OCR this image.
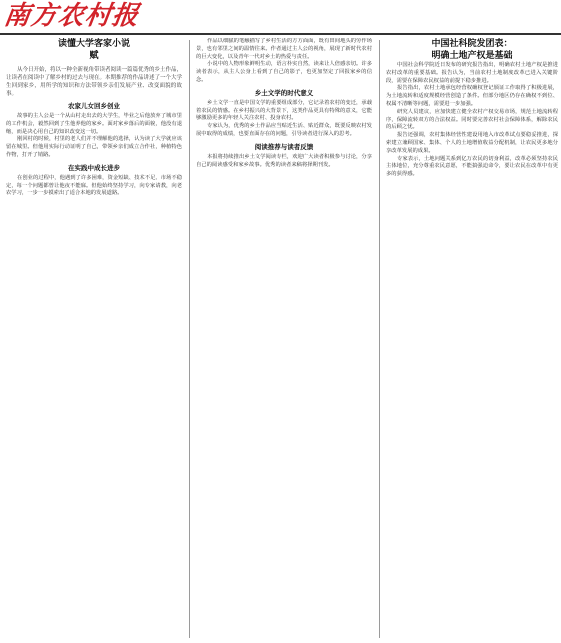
南方农村报
读懂大学客家小说
赋

从今日开始，将以一种全新视角带读者阅读一篇篇优秀的乡土作品，让读者在阅读中了解乡村的过去与现在。本期推荐的作品讲述了一个大学生回到家乡，用所学的知识和方法带领乡亲们发展产业、改变面貌的故事。

农家儿女回乡创业

故事的主人公是一个从山村走出去的大学生，毕业之后他放弃了城市里的工作机会，毅然回到了生他养他的家乡。面对家乡落后的面貌，他没有退缩，而是决心用自己的知识改变这一切。

刚回村的时候，村里的老人们并不理解他的选择，认为读了大学就应该留在城里。但他用实际行动证明了自己，带领乡亲们成立合作社，种植特色作物，打开了销路。

在实践中成长进步

在创业的过程中，他遇到了许多困难，资金短缺、技术不足、市场不稳定，每一个问题都曾让他夜不能寐。但他始终坚持学习，向专家请教，向老农学习，一步一步摸索出了适合本地的发展道路。

作品以细腻的笔触描写了乡村生活的方方面面，既有田间地头的劳作场景，也有邻里之间的温情往来。作者通过主人公的视角，展现了新时代农村的巨大变化，以及青年一代对乡土的热爱与责任。

小说中的人物形象鲜明生动，语言朴实自然，读来让人倍感亲切。许多读者表示，从主人公身上看到了自己的影子，也更加坚定了回报家乡的信念。

乡土文学的时代意义

乡土文学一直是中国文学的重要组成部分，它记录着农村的变迁，承载着农民的情感。在乡村振兴的大背景下，这类作品更具有特殊的意义，它能够激励更多的年轻人关注农村、投身农村。

专家认为，优秀的乡土作品应当贴近生活、贴近群众，既要反映农村发展中取得的成绩，也要直面存在的问题，引导读者进行深入的思考。

阅读推荐与读者反馈

本报将持续推出乡土文学阅读专栏，欢迎广大读者积极参与讨论，分享自己的阅读感受和家乡故事。优秀的读者来稿将择期刊发。

中国社科院发团表：
明确土地产权是基础

中国社会科学院近日发布的研究报告指出，明确农村土地产权是推进农村改革的重要基础。报告认为，当前农村土地制度改革已进入关键阶段，需要在保障农民权益的前提下稳步推进。

报告指出，农村土地承包经营权确权登记颁证工作取得了积极进展，为土地流转和适度规模经营创造了条件。但部分地区仍存在确权不到位、权属不清晰等问题，需要进一步加强。

研究人员建议，应加快建立健全农村产权交易市场，规范土地流转程序，保障流转双方的合法权益。同时要完善农村社会保障体系，解除农民的后顾之忧。

报告还强调，农村集体经营性建设用地入市改革试点要稳妥推进，探索建立兼顾国家、集体、个人的土地增值收益分配机制，让农民更多地分享改革发展的成果。

专家表示，土地问题关系到亿万农民的切身利益，改革必须坚持农民主体地位，充分尊重农民意愿，不能搞强迫命令，要让农民在改革中有更多的获得感。
